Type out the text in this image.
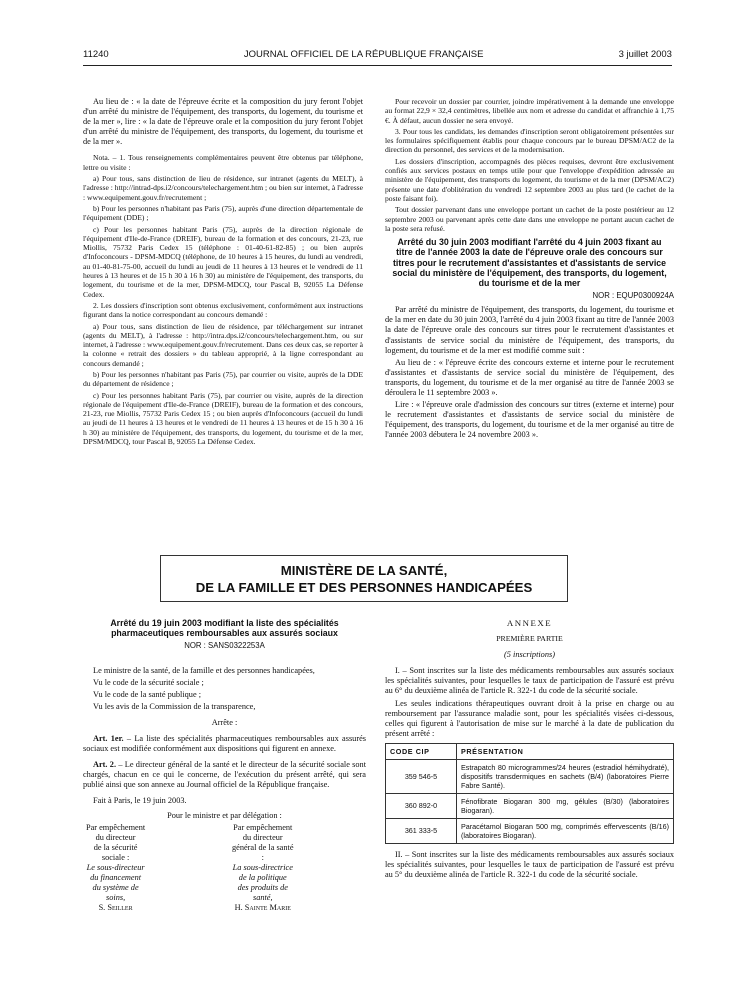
11240	JOURNAL OFFICIEL DE LA RÉPUBLIQUE FRANÇAISE	3 juillet 2003

Au lieu de : « la date de l'épreuve écrite et la composition du jury feront l'objet d'un arrêté du ministre de l'équipement, des transports, du logement, du tourisme et de la mer », lire : « la date de l'épreuve orale et la composition du jury feront l'objet d'un arrêté du ministre de l'équipement, des transports, du logement, du tourisme et de la mer ».

Nota. – 1. Tous renseignements complémentaires peuvent être obtenus par téléphone, lettre ou visite :

a) Pour tous, sans distinction de lieu de résidence, sur intranet (agents du MELT), à l'adresse : http://intrad-dps.i2/concours/telechargement.htm ; ou bien sur internet, à l'adresse : www.equipement.gouv.fr/recrutement ;

b) Pour les personnes n'habitant pas Paris (75), auprès d'une direction départementale de l'équipement (DDE) ;

c) Pour les personnes habitant Paris (75), auprès de la direction régionale de l'équipement d'Ile-de-France (DREIF), bureau de la formation et des concours, 21-23, rue Miollis, 75732 Paris Cedex 15 (téléphone : 01-40-61-82-85) ; ou bien auprès d'Infoconcours - DPSM-MDCQ (téléphone, de 10 heures à 15 heures, du lundi au vendredi, au 01-40-81-75-00, accueil du lundi au jeudi de 11 heures à 13 heures et le vendredi de 11 heures à 13 heures et de 15 h 30 à 16 h 30) au ministère de l'équipement, des transports, du logement, du tourisme et de la mer, DPSM-MDCQ, tour Pascal B, 92055 La Défense Cedex.

2. Les dossiers d'inscription sont obtenus exclusivement, conformément aux instructions figurant dans la notice correspondant au concours demandé :

a) Pour tous, sans distinction de lieu de résidence, par téléchargement sur intranet (agents du MELT), à l'adresse : http://intra.dps.i2/concours/telechargement.htm, ou sur internet, à l'adresse : www.equipement.gouv.fr/recrutement. Dans ces deux cas, se reporter à la colonne « retrait des dossiers » du tableau approprié, à la ligne correspondant au concours demandé ;

b) Pour les personnes n'habitant pas Paris (75), par courrier ou visite, auprès de la DDE du département de résidence ;

c) Pour les personnes habitant Paris (75), par courrier ou visite, auprès de la direction régionale de l'équipement d'Ile-de-France (DREIF), bureau de la formation et des concours, 21-23, rue Miollis, 75732 Paris Cedex 15 ; ou bien auprès d'Infoconcours (accueil du lundi au jeudi de 11 heures à 13 heures et le vendredi de 11 heures à 13 heures et de 15 h 30 à 16 h 30) au ministère de l'équipement, des transports, du logement, du tourisme et de la mer, DPSM/MDCQ, tour Pascal B, 92055 La Défense Cedex.

Pour recevoir un dossier par courrier, joindre impérativement à la demande une enveloppe au format 22,9 × 32,4 centimètres, libellée aux nom et adresse du candidat et affranchie à 1,75 €. À défaut, aucun dossier ne sera envoyé.

3. Pour tous les candidats, les demandes d'inscription seront obligatoirement présentées sur les formulaires spécifiquement établis pour chaque concours par le bureau DPSM/AC2 de la direction du personnel, des services et de la modernisation.

Les dossiers d'inscription, accompagnés des pièces requises, devront être exclusivement confiés aux services postaux en temps utile pour que l'enveloppe d'expédition adressée au ministère de l'équipement, des transports du logement, du tourisme et de la mer (DPSM/AC2) présente une date d'oblitération du vendredi 12 septembre 2003 au plus tard (le cachet de la poste faisant foi).

Tout dossier parvenant dans une enveloppe portant un cachet de la poste postérieur au 12 septembre 2003 ou parvenant après cette date dans une enveloppe ne portant aucun cachet de la poste sera refusé.

Arrêté du 30 juin 2003 modifiant l'arrêté du 4 juin 2003 fixant au titre de l'année 2003 la date de l'épreuve orale des concours sur titres pour le recrutement d'assistantes et d'assistants de service social du ministère de l'équipement, des transports, du logement, du tourisme et de la mer
NOR : EQUP0300924A

Par arrêté du ministre de l'équipement, des transports, du logement, du tourisme et de la mer en date du 30 juin 2003, l'arrêté du 4 juin 2003 fixant au titre de l'année 2003 la date de l'épreuve orale des concours sur titres pour le recrutement d'assistantes et d'assistants de service social du ministère de l'équipement, des transports, du logement, du tourisme et de la mer est modifié comme suit :

Au lieu de : « l'épreuve écrite des concours externe et interne pour le recrutement d'assistantes et d'assistants de service social du ministère de l'équipement, des transports, du logement, du tourisme et de la mer organisé au titre de l'année 2003 se déroulera le 11 septembre 2003 ».

Lire : « l'épreuve orale d'admission des concours sur titres (externe et interne) pour le recrutement d'assistantes et d'assistants de service social du ministère de l'équipement, des transports, du logement, du tourisme et de la mer organisé au titre de l'année 2003 débutera le 24 novembre 2003 ».

MINISTÈRE DE LA SANTÉ,
DE LA FAMILLE ET DES PERSONNES HANDICAPÉES
Arrêté du 19 juin 2003 modifiant la liste des spécialités pharmaceutiques remboursables aux assurés sociaux
NOR : SANS0322253A

Le ministre de la santé, de la famille et des personnes handicapées,

Vu le code de la sécurité sociale ;

Vu le code de la santé publique ;

Vu les avis de la Commission de la transparence,

Arrête :

Art. 1er. – La liste des spécialités pharmaceutiques remboursables aux assurés sociaux est modifiée conformément aux dispositions qui figurent en annexe.

Art. 2. – Le directeur général de la santé et le directeur de la sécurité sociale sont chargés, chacun en ce qui le concerne, de l'exécution du présent arrêté, qui sera publié ainsi que son annexe au Journal officiel de la République française.

Fait à Paris, le 19 juin 2003.

Pour le ministre et par délégation :

Par empêchement du directeur
de la sécurité sociale :
Le sous-directeur
du financement
du système de soins,
S. Seiller
Par empêchement
du directeur général de la santé :
La sous-directrice
de la politique
des produits de santé,
H. Sainte Marie
ANNEXE
PREMIÈRE PARTIE
(5 inscriptions)

I. – Sont inscrites sur la liste des médicaments remboursables aux assurés sociaux les spécialités suivantes, pour lesquelles le taux de participation de l'assuré est prévu au 6° du deuxième alinéa de l'article R. 322-1 du code de la sécurité sociale.

Les seules indications thérapeutiques ouvrant droit à la prise en charge ou au remboursement par l'assurance maladie sont, pour les spécialités visées ci-dessous, celles qui figurent à l'autorisation de mise sur le marché à la date de publication du présent arrêté :

CODE CIP	PRÉSENTATION
359 546-5	Estrapatch 80 microgrammes/24 heures (estradiol hémihydraté), dispositifs transdermiques en sachets (B/4) (laboratoires Pierre Fabre Santé).
360 892-0	Fénofibrate Biogaran 300 mg, gélules (B/30) (laboratoires Biogaran).
361 333-5	Paracétamol Biogaran 500 mg, comprimés effervescents (B/16) (laboratoires Biogaran).

II. – Sont inscrites sur la liste des médicaments remboursables aux assurés sociaux les spécialités suivantes, pour lesquelles le taux de participation de l'assuré est prévu au 5° du deuxième alinéa de l'article R. 322-1 du code de la sécurité sociale.
